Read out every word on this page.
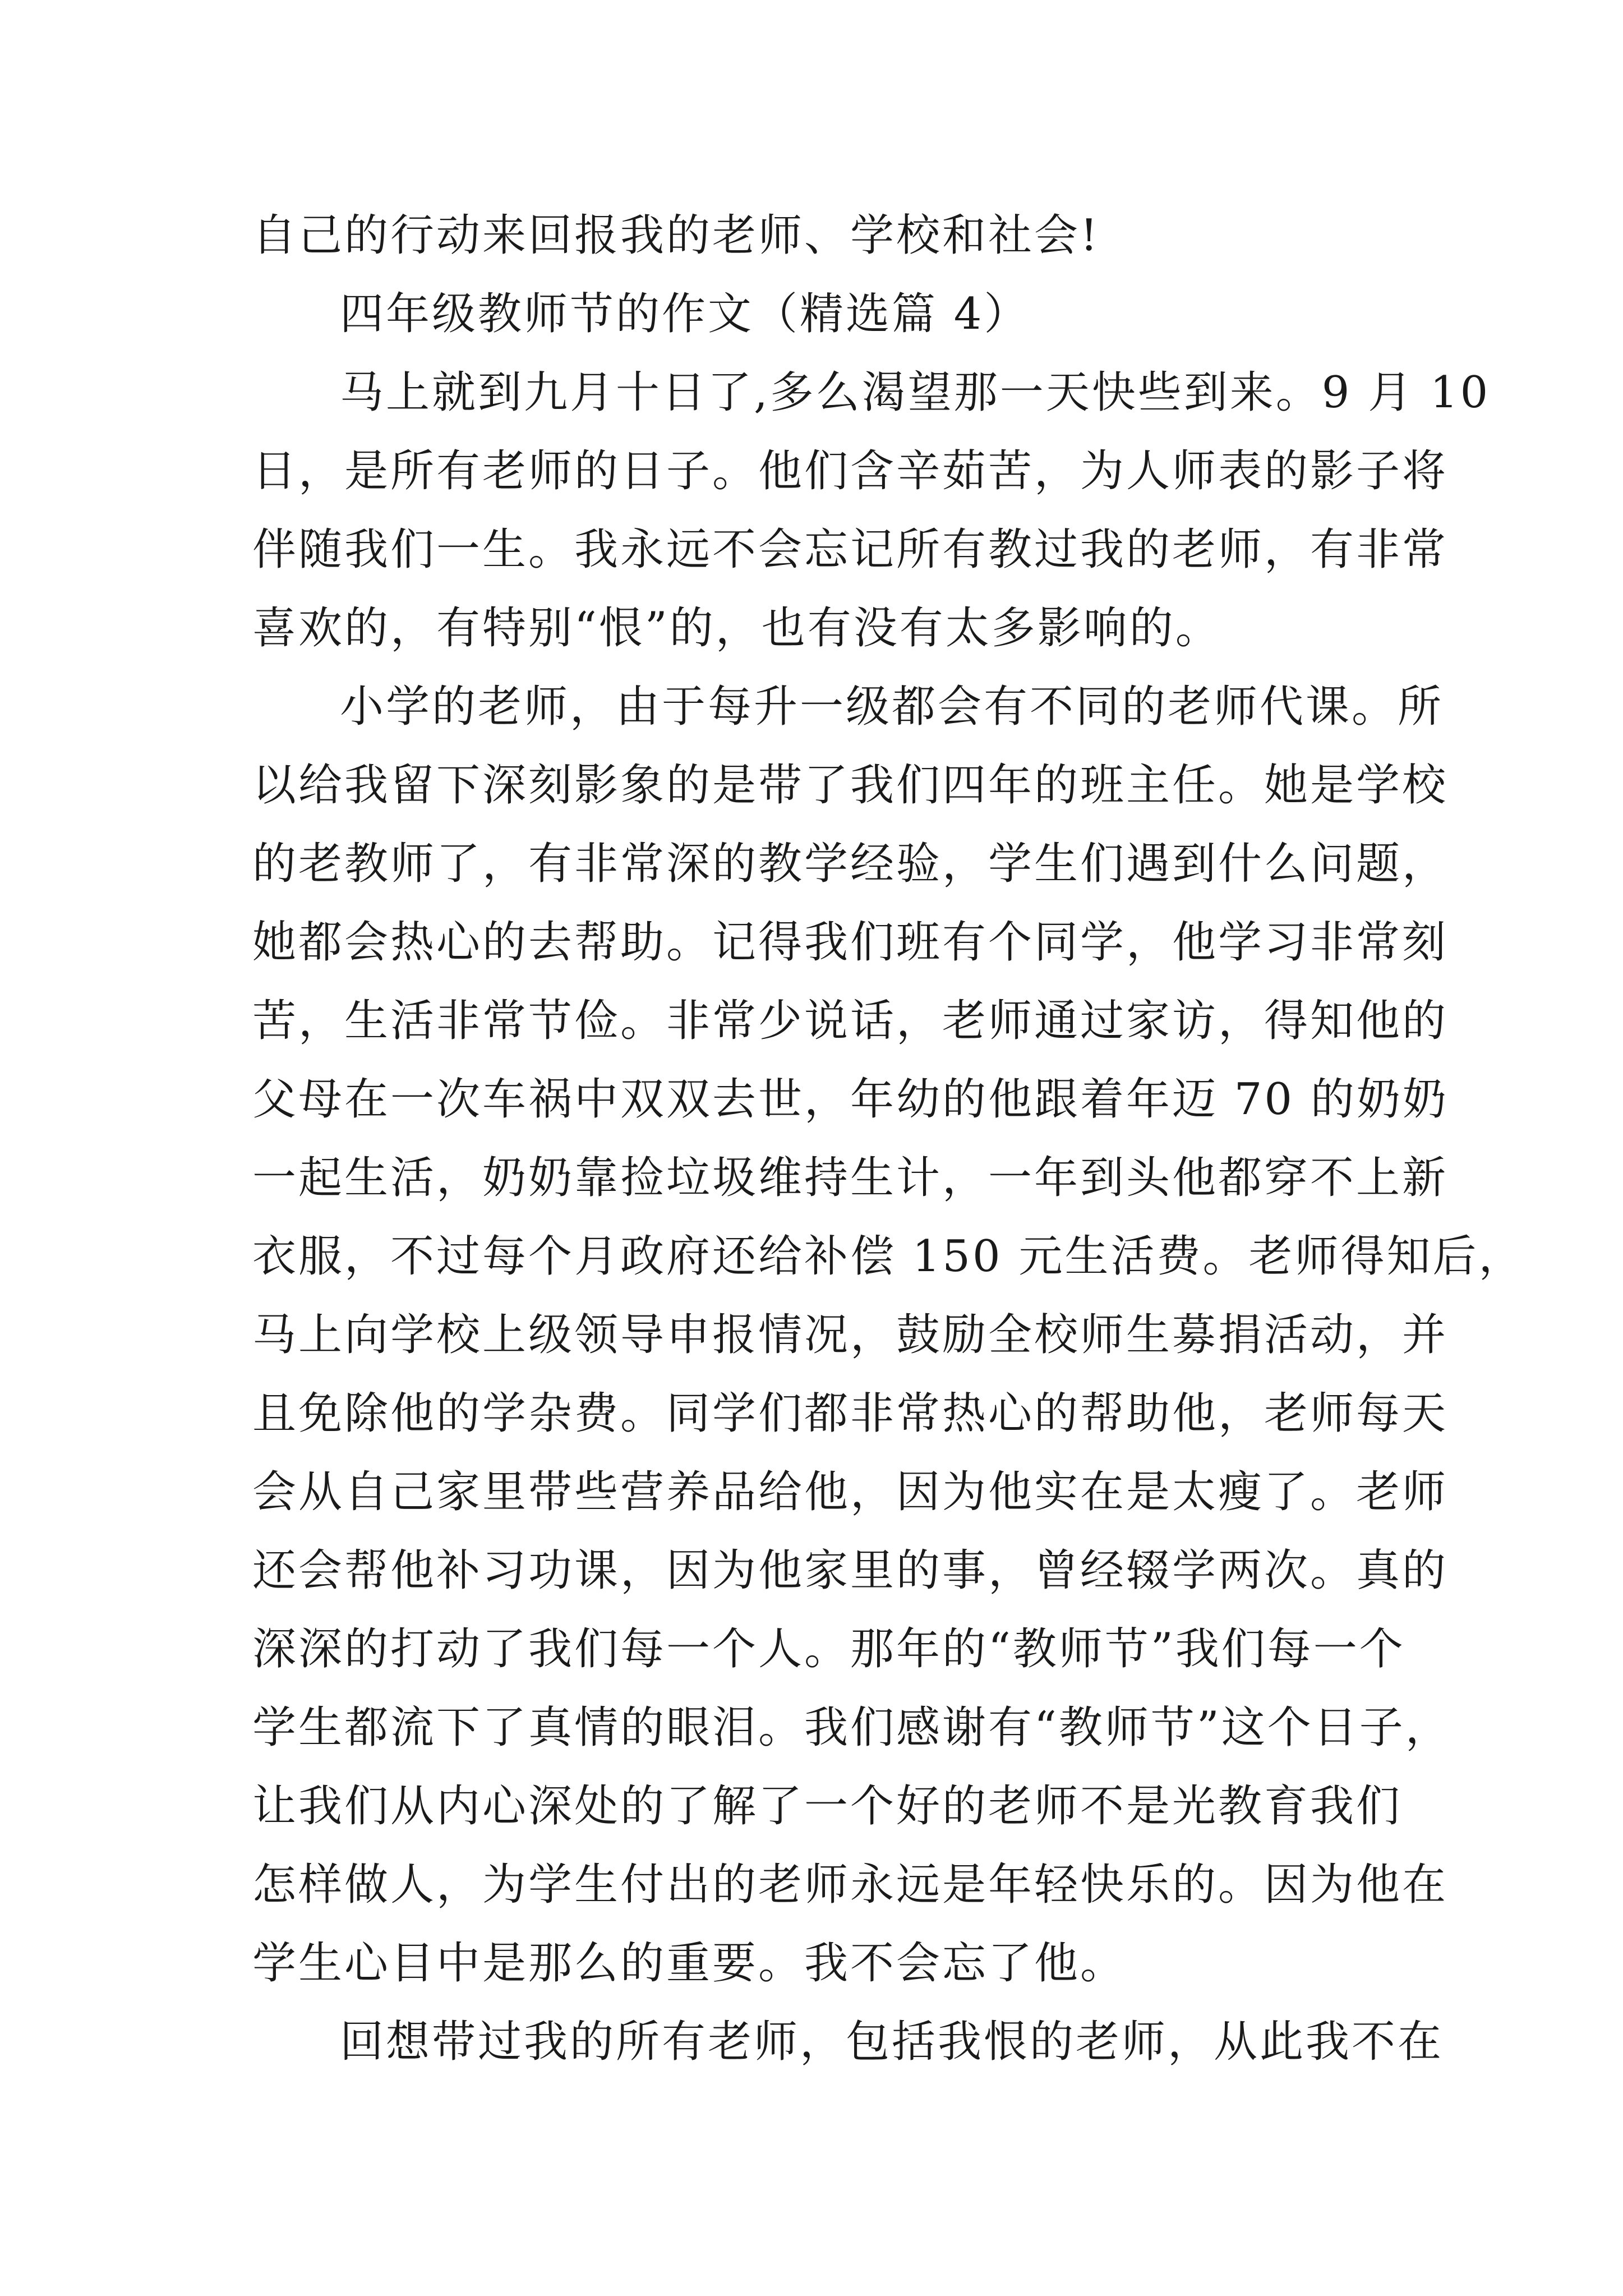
自己的行动来回报我的老师、学校和社会!
四年级教师节的作文（精选篇 4）
马上就到九月十日了,多么渴望那一天快些到来。9 月 10
日，是所有老师的日子。他们含辛茹苦，为人师表的影子将
伴随我们一生。我永远不会忘记所有教过我的老师，有非常
喜欢的，有特别“恨”的，也有没有太多影响的。
小学的老师，由于每升一级都会有不同的老师代课。所
以给我留下深刻影象的是带了我们四年的班主任。她是学校
的老教师了，有非常深的教学经验，学生们遇到什么问题，
她都会热心的去帮助。记得我们班有个同学，他学习非常刻
苦，生活非常节俭。非常少说话，老师通过家访，得知他的
父母在一次车祸中双双去世，年幼的他跟着年迈 70 的奶奶
一起生活，奶奶靠捡垃圾维持生计，一年到头他都穿不上新
衣服，不过每个月政府还给补偿 150 元生活费。老师得知后，
马上向学校上级领导申报情况，鼓励全校师生募捐活动，并
且免除他的学杂费。同学们都非常热心的帮助他，老师每天
会从自己家里带些营养品给他，因为他实在是太瘦了。老师
还会帮他补习功课，因为他家里的事，曾经辍学两次。真的
深深的打动了我们每一个人。那年的“教师节”我们每一个
学生都流下了真情的眼泪。我们感谢有“教师节”这个日子，
让我们从内心深处的了解了一个好的老师不是光教育我们
怎样做人，为学生付出的老师永远是年轻快乐的。因为他在
学生心目中是那么的重要。我不会忘了他。
回想带过我的所有老师，包括我恨的老师，从此我不在
